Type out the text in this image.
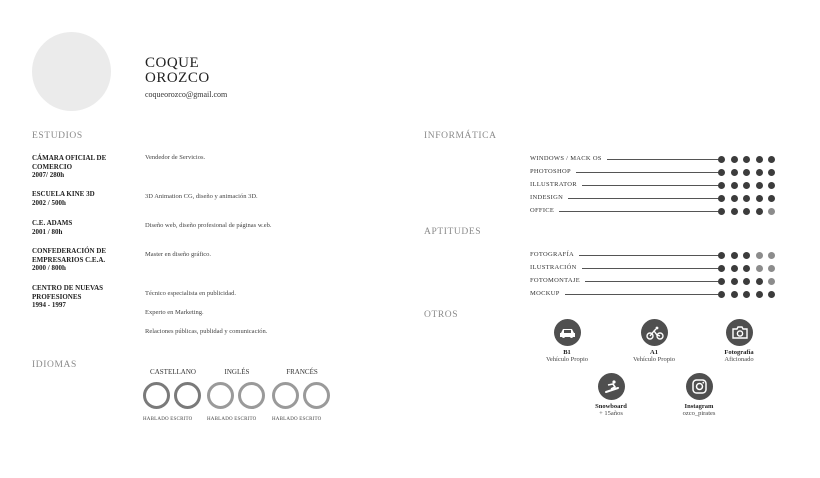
COQUE
OROZCO
coqueorozco@gmail.com
ESTUDIOS
IDIOMAS
INFORMÁTICA
APTITUDES
OTROS
CÁMARA OFICIAL DE
COMERCIO
2007/ 280h
ESCUELA KINE 3D
2002 / 500h
C.E. ADAMS
2001 / 80h
CONFEDERACIÓN DE
EMPRESARIOS C.E.A.
2000 / 800h
CENTRO DE NUEVAS
PROFESIONES
1994 - 1997
Vendedor de Servicios.
3D Animation CG, diseño y animación 3D.
Diseño web, diseño profesional de páginas w.eb.
Master en diseño gráfico.
Técnico especialista en publicidad.
Experto en Marketing.
Relaciones públicas, publidad y comunicación.
CASTELLANO
HABLADO ESCRITO
INGLÉS
HABLADO ESCRITO
FRANCÉS
HABLADO ESCRITO
WINDOWS / MACK OS
PHOTOSHOP
ILLUSTRATOR
INDESIGN
OFFICE
FOTOGRAFÍA
ILUSTRACIÓN
FOTOMONTAJE
MOCKUP
B1
Vehículo Propio
A1
Vehículo Propio
Fotografía
Aficionado
Snowboard
+ 15años
Instagram
ozco_pirates
